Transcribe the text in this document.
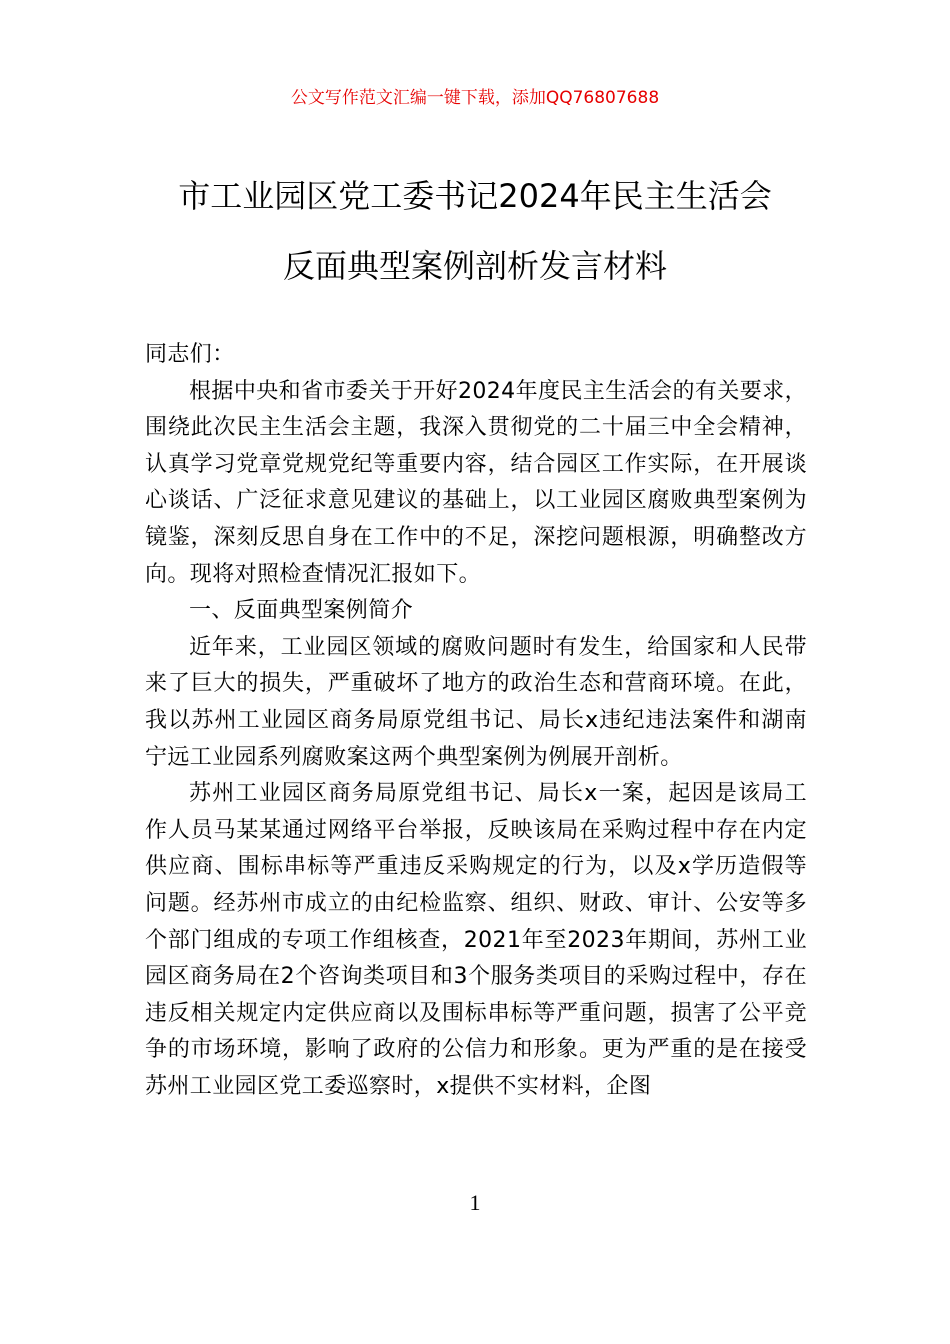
公文写作范文汇编一键下载，添加QQ76807688
市工业园区党工委书记2024年民主生活会
反面典型案例剖析发言材料

同志们：

根据中央和省市委关于开好2024年度民主生活会的有关要求，围绕此次民主生活会主题，我深入贯彻党的二十届三中全会精神，认真学习党章党规党纪等重要内容，结合园区工作实际，在开展谈心谈话、广泛征求意见建议的基础上，以工业园区腐败典型案例为镜鉴，深刻反思自身在工作中的不足，深挖问题根源，明确整改方向。现将对照检查情况汇报如下。

一、反面典型案例简介

近年来，工业园区领域的腐败问题时有发生，给国家和人民带来了巨大的损失，严重破坏了地方的政治生态和营商环境。在此，我以苏州工业园区商务局原党组书记、局长x违纪违法案件和湖南宁远工业园系列腐败案这两个典型案例为例展开剖析。

苏州工业园区商务局原党组书记、局长x一案，起因是该局工作人员马某某通过网络平台举报，反映该局在采购过程中存在内定供应商、围标串标等严重违反采购规定的行为，以及x学历造假等问题。经苏州市成立的由纪检监察、组织、财政、审计、公安等多个部门组成的专项工作组核查，2021年至2023年期间，苏州工业园区商务局在2个咨询类项目和3个服务类项目的采购过程中，存在违反相关规定内定供应商以及围标串标等严重问题，损害了公平竞争的市场环境，影响了政府的公信力和形象。更为严重的是在接受苏州工业园区党工委巡察时，x提供不实材料，企图

1
